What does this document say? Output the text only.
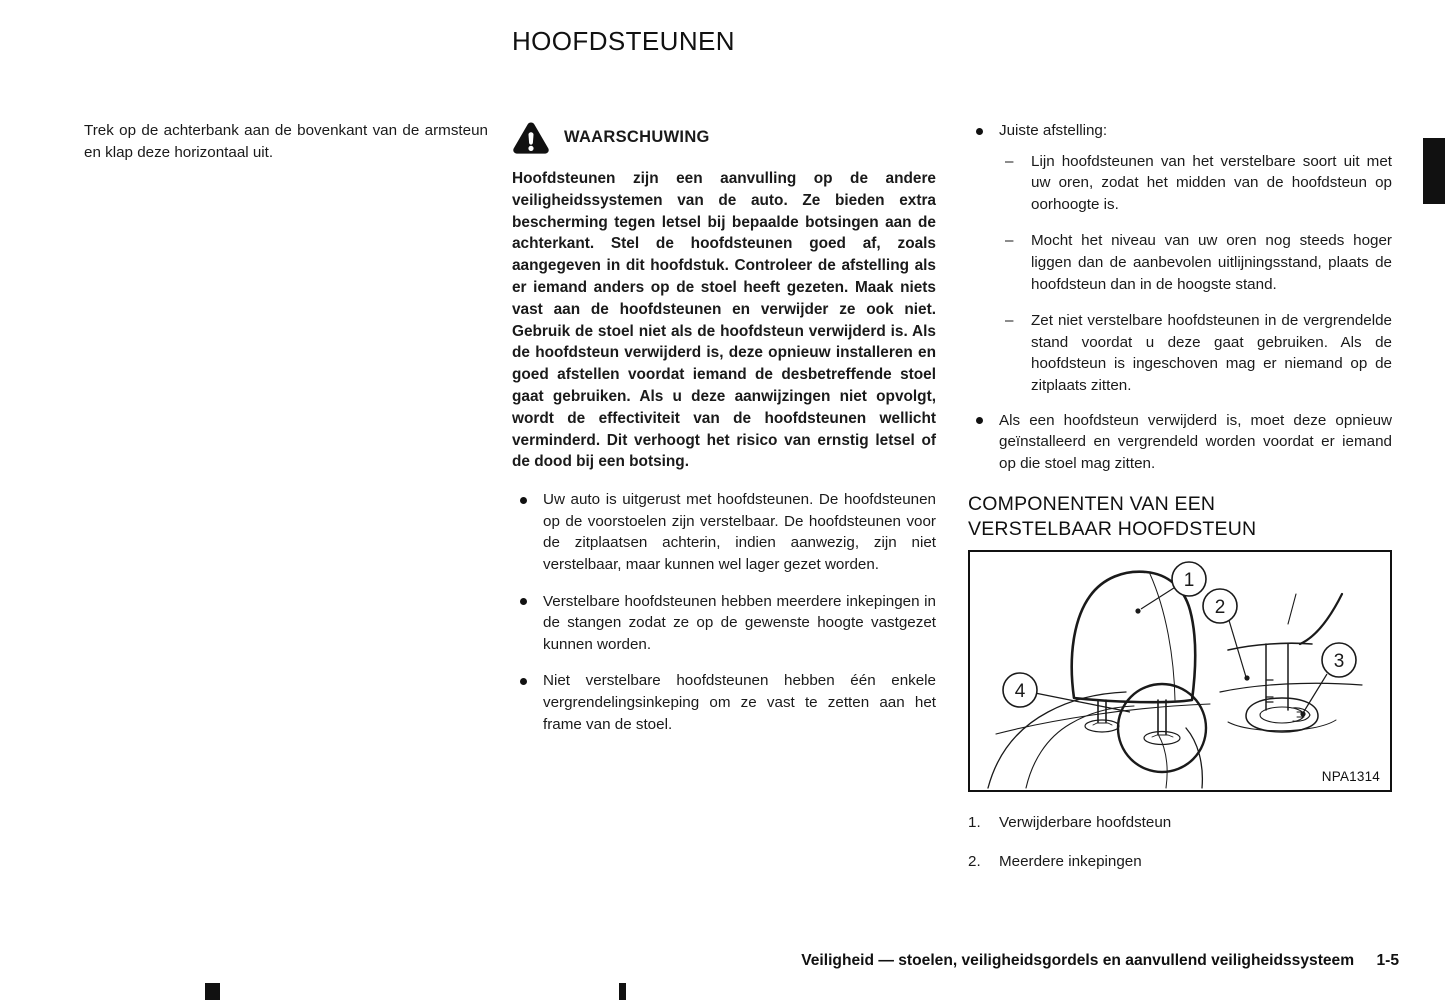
HOOFDSTEUNEN

Trek op de achterbank aan de bovenkant van de armsteun en klap deze horizontaal uit.

WAARSCHUWING

Hoofdsteunen zijn een aanvulling op de andere veiligheidssystemen van de auto. Ze bieden extra bescherming tegen letsel bij bepaalde botsingen aan de achterkant. Stel de hoofdsteunen goed af, zoals aangegeven in dit hoofdstuk. Controleer de afstelling als er iemand anders op de stoel heeft gezeten. Maak niets vast aan de hoofdsteunen en verwijder ze ook niet. Gebruik de stoel niet als de hoofdsteun verwijderd is. Als de hoofdsteun verwijderd is, deze opnieuw installeren en goed afstellen voordat iemand de desbetreffende stoel gaat gebruiken. Als u deze aanwijzingen niet opvolgt, wordt de effectiviteit van de hoofdsteunen wellicht verminderd. Dit verhoogt het risico van ernstig letsel of de dood bij een botsing.

Uw auto is uitgerust met hoofdsteunen. De hoofdsteunen op de voorstoelen zijn verstelbaar. De hoofdsteunen voor de zitplaatsen achterin, indien aanwezig, zijn niet verstelbaar, maar kunnen wel lager gezet worden.
Verstelbare hoofdsteunen hebben meerdere inkepingen in de stangen zodat ze op de gewenste hoogte vastgezet kunnen worden.
Niet verstelbare hoofdsteunen hebben één enkele vergrendelingsinkeping om ze vast te zetten aan het frame van de stoel.
Juiste afstelling:
– Lijn hoofdsteunen van het verstelbare soort uit met uw oren, zodat het midden van de hoofdsteun op oorhoogte is.
– Mocht het niveau van uw oren nog steeds hoger liggen dan de aanbevolen uitlijningsstand, plaats de hoofdsteun dan in de hoogste stand.
– Zet niet verstelbare hoofdsteunen in de vergrendelde stand voordat u deze gaat gebruiken. Als de hoofdsteun is ingeschoven mag er niemand op de zitplaats zitten.
Als een hoofdsteun verwijderd is, moet deze opnieuw geïnstalleerd en vergrendeld worden voordat er iemand op die stoel mag zitten.
COMPONENTEN VAN EEN
VERSTELBAAR HOOFDSTEUN
1
2
3
4
NPA1314
1. Verwijderbare hoofdsteun
2. Meerdere inkepingen
Veiligheid — stoelen, veiligheidsgordels en aanvullend veiligheidssysteem 1-5
